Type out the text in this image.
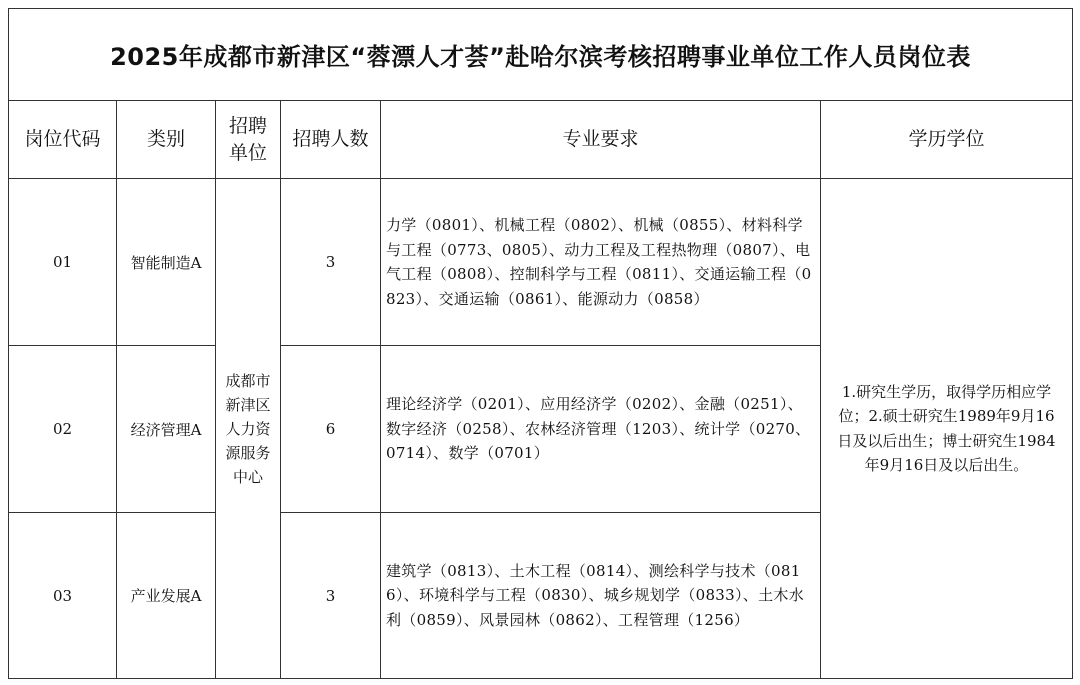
2025年成都市新津区“蓉漂人才荟”赴哈尔滨考核招聘事业单位工作人员岗位表					
岗位代码	类别	招聘单位	招聘人数	专业要求	学历学位
01	智能制造A	成都市新津区人力资源服务中心	3	力学（0801）、机械工程（0802）、机械（0855）、材料科学与工程（0773、0805）、动力工程及工程热物理（0807）、电气工程（0808）、控制科学与工程（0811）、交通运输工程（0823）、交通运输（0861）、能源动力（0858）	1.研究生学历，取得学历相应学位；2.硕士研究生1989年9月16日及以后出生；博士研究生1984年9月16日及以后出生。

02	经济管理A		6	理论经济学（0201）、应用经济学（0202）、金融（0251）、数字经济（0258）、农林经济管理（1203）、统计学（0270、0714）、数学（0701）	
03	产业发展A		3	建筑学（0813）、土木工程（0814）、测绘科学与技术（0816）、环境科学与工程（0830）、城乡规划学（0833）、土木水利（0859）、风景园林（0862）、工程管理（1256）	
